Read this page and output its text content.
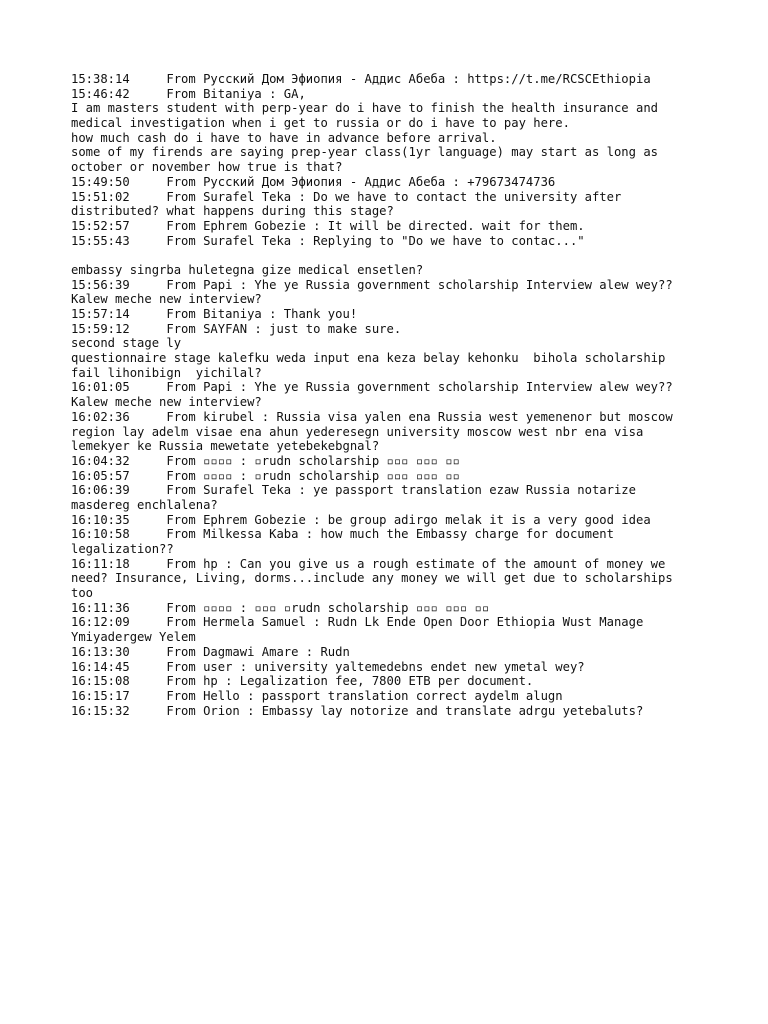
15:38:14     From Русский Дом Эфиопия - Аддис Абеба : https://t.me/RCSCEthiopia
15:46:42     From Bitaniya : GA,
I am masters student with perp-year do i have to finish the health insurance and
medical investigation when i get to russia or do i have to pay here.
how much cash do i have to have in advance before arrival.
some of my firends are saying prep-year class(1yr language) may start as long as
october or november how true is that?
15:49:50     From Русский Дом Эфиопия - Аддис Абеба : +79673474736
15:51:02     From Surafel Teka : Do we have to contact the university after
distributed? what happens during this stage?
15:52:57     From Ephrem Gobezie : It will be directed. wait for them.
15:55:43     From Surafel Teka : Replying to "Do we have to contac..."
embassy singrba huletegna gize medical ensetlen?
15:56:39     From Papi : Yhe ye Russia government scholarship Interview alew wey??
Kalew meche new interview?
15:57:14     From Bitaniya : Thank you!
15:59:12     From SAYFAN : just to make sure.
second stage ly
questionnaire stage kalefku weda input ena keza belay kehonku  bihola scholarship
fail lihonibign  yichilal?
16:01:05     From Papi : Yhe ye Russia government scholarship Interview alew wey??
Kalew meche new interview?
16:02:36     From kirubel : Russia visa yalen ena Russia west yemenenor but moscow
region lay adelm visae ena ahun yederesegn university moscow west nbr ena visa
lemekyer ke Russia mewetate yetebekebgnal?
16:04:32     From ▫▫▫▫ : ▫rudn scholarship ▫▫▫ ▫▫▫ ▫▫
16:05:57     From ▫▫▫▫ : ▫rudn scholarship ▫▫▫ ▫▫▫ ▫▫
16:06:39     From Surafel Teka : ye passport translation ezaw Russia notarize
masdereg enchlalena?
16:10:35     From Ephrem Gobezie : be group adirgo melak it is a very good idea
16:10:58     From Milkessa Kaba : how much the Embassy charge for document
legalization??
16:11:18     From hp : Can you give us a rough estimate of the amount of money we
need? Insurance, Living, dorms...include any money we will get due to scholarships
too
16:11:36     From ▫▫▫▫ : ▫▫▫ ▫rudn scholarship ▫▫▫ ▫▫▫ ▫▫
16:12:09     From Hermela Samuel : Rudn Lk Ende Open Door Ethiopia Wust Manage
Ymiyadergew Yelem
16:13:30     From Dagmawi Amare : Rudn
16:14:45     From user : university yaltemedebns endet new ymetal wey?
16:15:08     From hp : Legalization fee, 7800 ETB per document.
16:15:17     From Hello : passport translation correct aydelm alugn
16:15:32     From Orion : Embassy lay notorize and translate adrgu yetebaluts?
